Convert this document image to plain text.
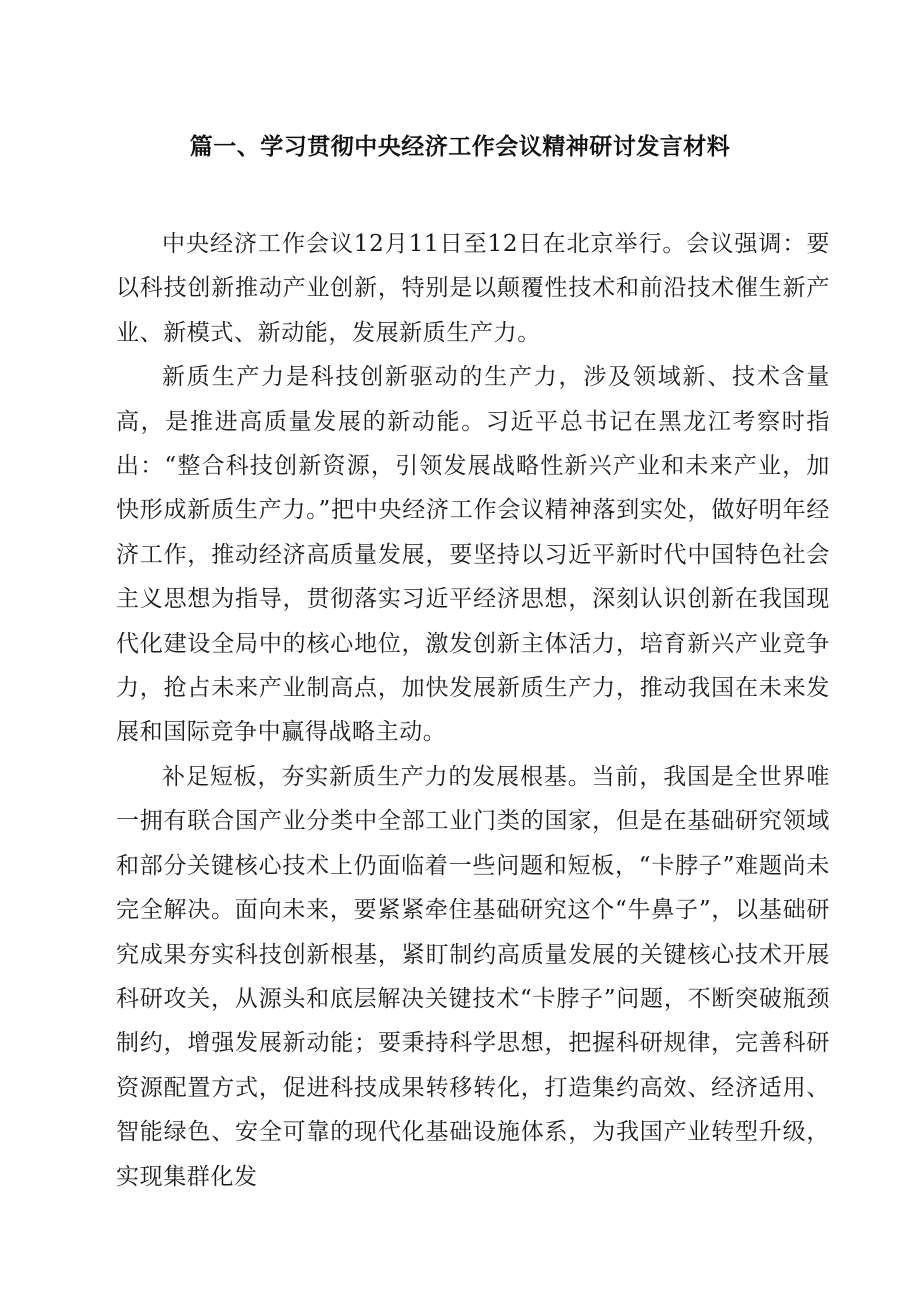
篇一、学习贯彻中央经济工作会议精神研讨发言材料

中央经济工作会议12月11日至12日在北京举行。会议强调：要以科技创新推动产业创新，特别是以颠覆性技术和前沿技术催生新产业、新模式、新动能，发展新质生产力。

新质生产力是科技创新驱动的生产力，涉及领域新、技术含量高，是推进高质量发展的新动能。习近平总书记在黑龙江考察时指出：“整合科技创新资源，引领发展战略性新兴产业和未来产业，加快形成新质生产力。”把中央经济工作会议精神落到实处，做好明年经济工作，推动经济高质量发展，要坚持以习近平新时代中国特色社会主义思想为指导，贯彻落实习近平经济思想，深刻认识创新在我国现代化建设全局中的核心地位，激发创新主体活力，培育新兴产业竞争力，抢占未来产业制高点，加快发展新质生产力，推动我国在未来发展和国际竞争中赢得战略主动。

补足短板，夯实新质生产力的发展根基。当前，我国是全世界唯一拥有联合国产业分类中全部工业门类的国家，但是在基础研究领域和部分关键核心技术上仍面临着一些问题和短板，“卡脖子”难题尚未完全解决。面向未来，要紧紧牵住基础研究这个“牛鼻子”，以基础研究成果夯实科技创新根基，紧盯制约高质量发展的关键核心技术开展科研攻关，从源头和底层解决关键技术“卡脖子”问题，不断突破瓶颈制约，增强发展新动能；要秉持科学思想，把握科研规律，完善科研资源配置方式，促进科技成果转移转化，打造集约高效、经济适用、智能绿色、安全可靠的现代化基础设施体系，为我国产业转型升级，实现集群化发
